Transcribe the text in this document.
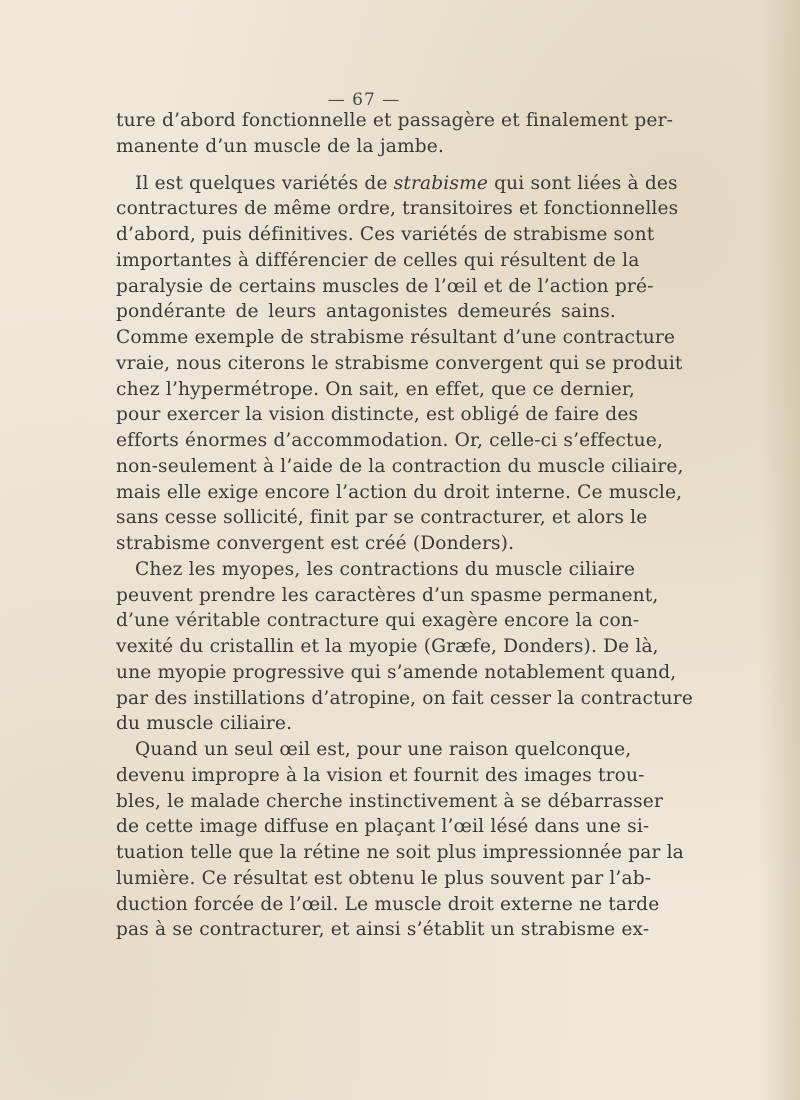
— 67 —
ture d’abord fonctionnelle et passagère et finalement per-
manente d’un muscle de la jambe.
Il est quelques variétés de strabisme qui sont liées à des
contractures de même ordre, transitoires et fonctionnelles
d’abord, puis définitives. Ces variétés de strabisme sont
importantes à différencier de celles qui résultent de la
paralysie de certains muscles de l’œil et de l’action pré-
pondérante de leurs antagonistes demeurés sains.
Comme exemple de strabisme résultant d’une contracture
vraie, nous citerons le strabisme convergent qui se produit
chez l’hypermétrope. On sait, en effet, que ce dernier,
pour exercer la vision distincte, est obligé de faire des
efforts énormes d’accommodation. Or, celle-ci s’effectue,
non-seulement à l’aide de la contraction du muscle ciliaire,
mais elle exige encore l’action du droit interne. Ce muscle,
sans cesse sollicité, finit par se contracturer, et alors le
strabisme convergent est créé (Donders).
Chez les myopes, les contractions du muscle ciliaire
peuvent prendre les caractères d’un spasme permanent,
d’une véritable contracture qui exagère encore la con-
vexité du cristallin et la myopie (Græfe, Donders). De là,
une myopie progressive qui s’amende notablement quand,
par des instillations d’atropine, on fait cesser la contracture
du muscle ciliaire.
Quand un seul œil est, pour une raison quelconque,
devenu impropre à la vision et fournit des images trou-
bles, le malade cherche instinctivement à se débarrasser
de cette image diffuse en plaçant l’œil lésé dans une si-
tuation telle que la rétine ne soit plus impressionnée par la
lumière. Ce résultat est obtenu le plus souvent par l’ab-
duction forcée de l’œil. Le muscle droit externe ne tarde
pas à se contracturer, et ainsi s’établit un strabisme ex-
